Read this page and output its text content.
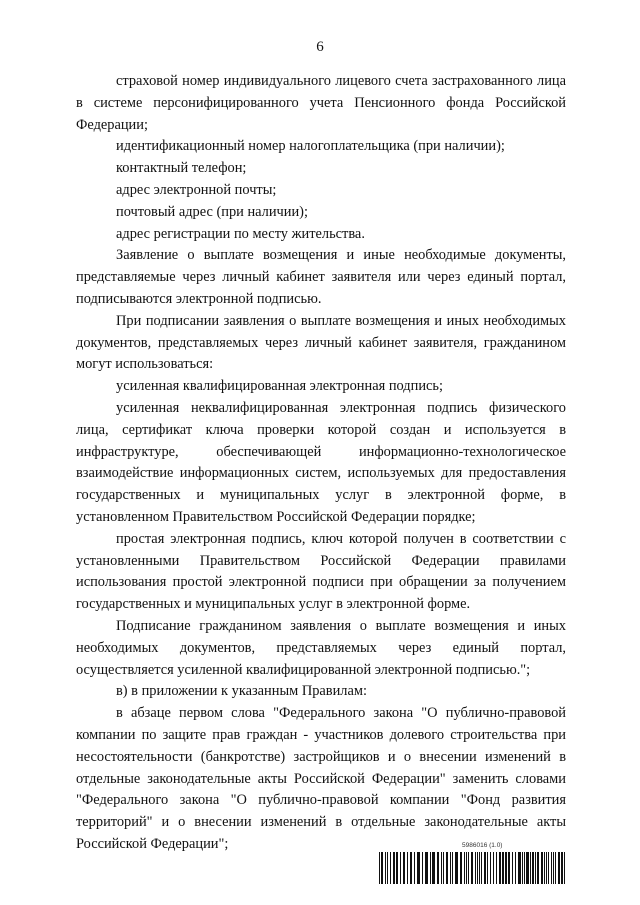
6

страховой номер индивидуального лицевого счета застрахованного лица в системе персонифицированного учета Пенсионного фонда Российской Федерации;

идентификационный номер налогоплательщика (при наличии);

контактный телефон;

адрес электронной почты;

почтовый адрес (при наличии);

адрес регистрации по месту жительства.

Заявление о выплате возмещения и иные необходимые документы, представляемые через личный кабинет заявителя или через единый портал, подписываются электронной подписью.

При подписании заявления о выплате возмещения и иных необходимых документов, представляемых через личный кабинет заявителя, гражданином могут использоваться:

усиленная квалифицированная электронная подпись;

усиленная неквалифицированная электронная подпись физического лица, сертификат ключа проверки которой создан и используется в инфраструктуре, обеспечивающей информационно-технологическое взаимодействие информационных систем, используемых для предоставления государственных и муниципальных услуг в электронной форме, в установленном Правительством Российской Федерации порядке;

простая электронная подпись, ключ которой получен в соответствии с установленными Правительством Российской Федерации правилами использования простой электронной подписи при обращении за получением государственных и муниципальных услуг в электронной форме.

Подписание гражданином заявления о выплате возмещения и иных необходимых документов, представляемых через единый портал, осуществляется усиленной квалифицированной электронной подписью.";

в) в приложении к указанным Правилам:

в абзаце первом слова "Федерального закона "О публично-правовой компании по защите прав граждан - участников долевого строительства при несостоятельности (банкротстве) застройщиков и о внесении изменений в отдельные законодательные акты Российской Федерации" заменить словами "Федерального закона "О публично-правовой компании "Фонд развития территорий" и о внесении изменений в отдельные законодательные акты Российской Федерации";	5986016 (1.0)
